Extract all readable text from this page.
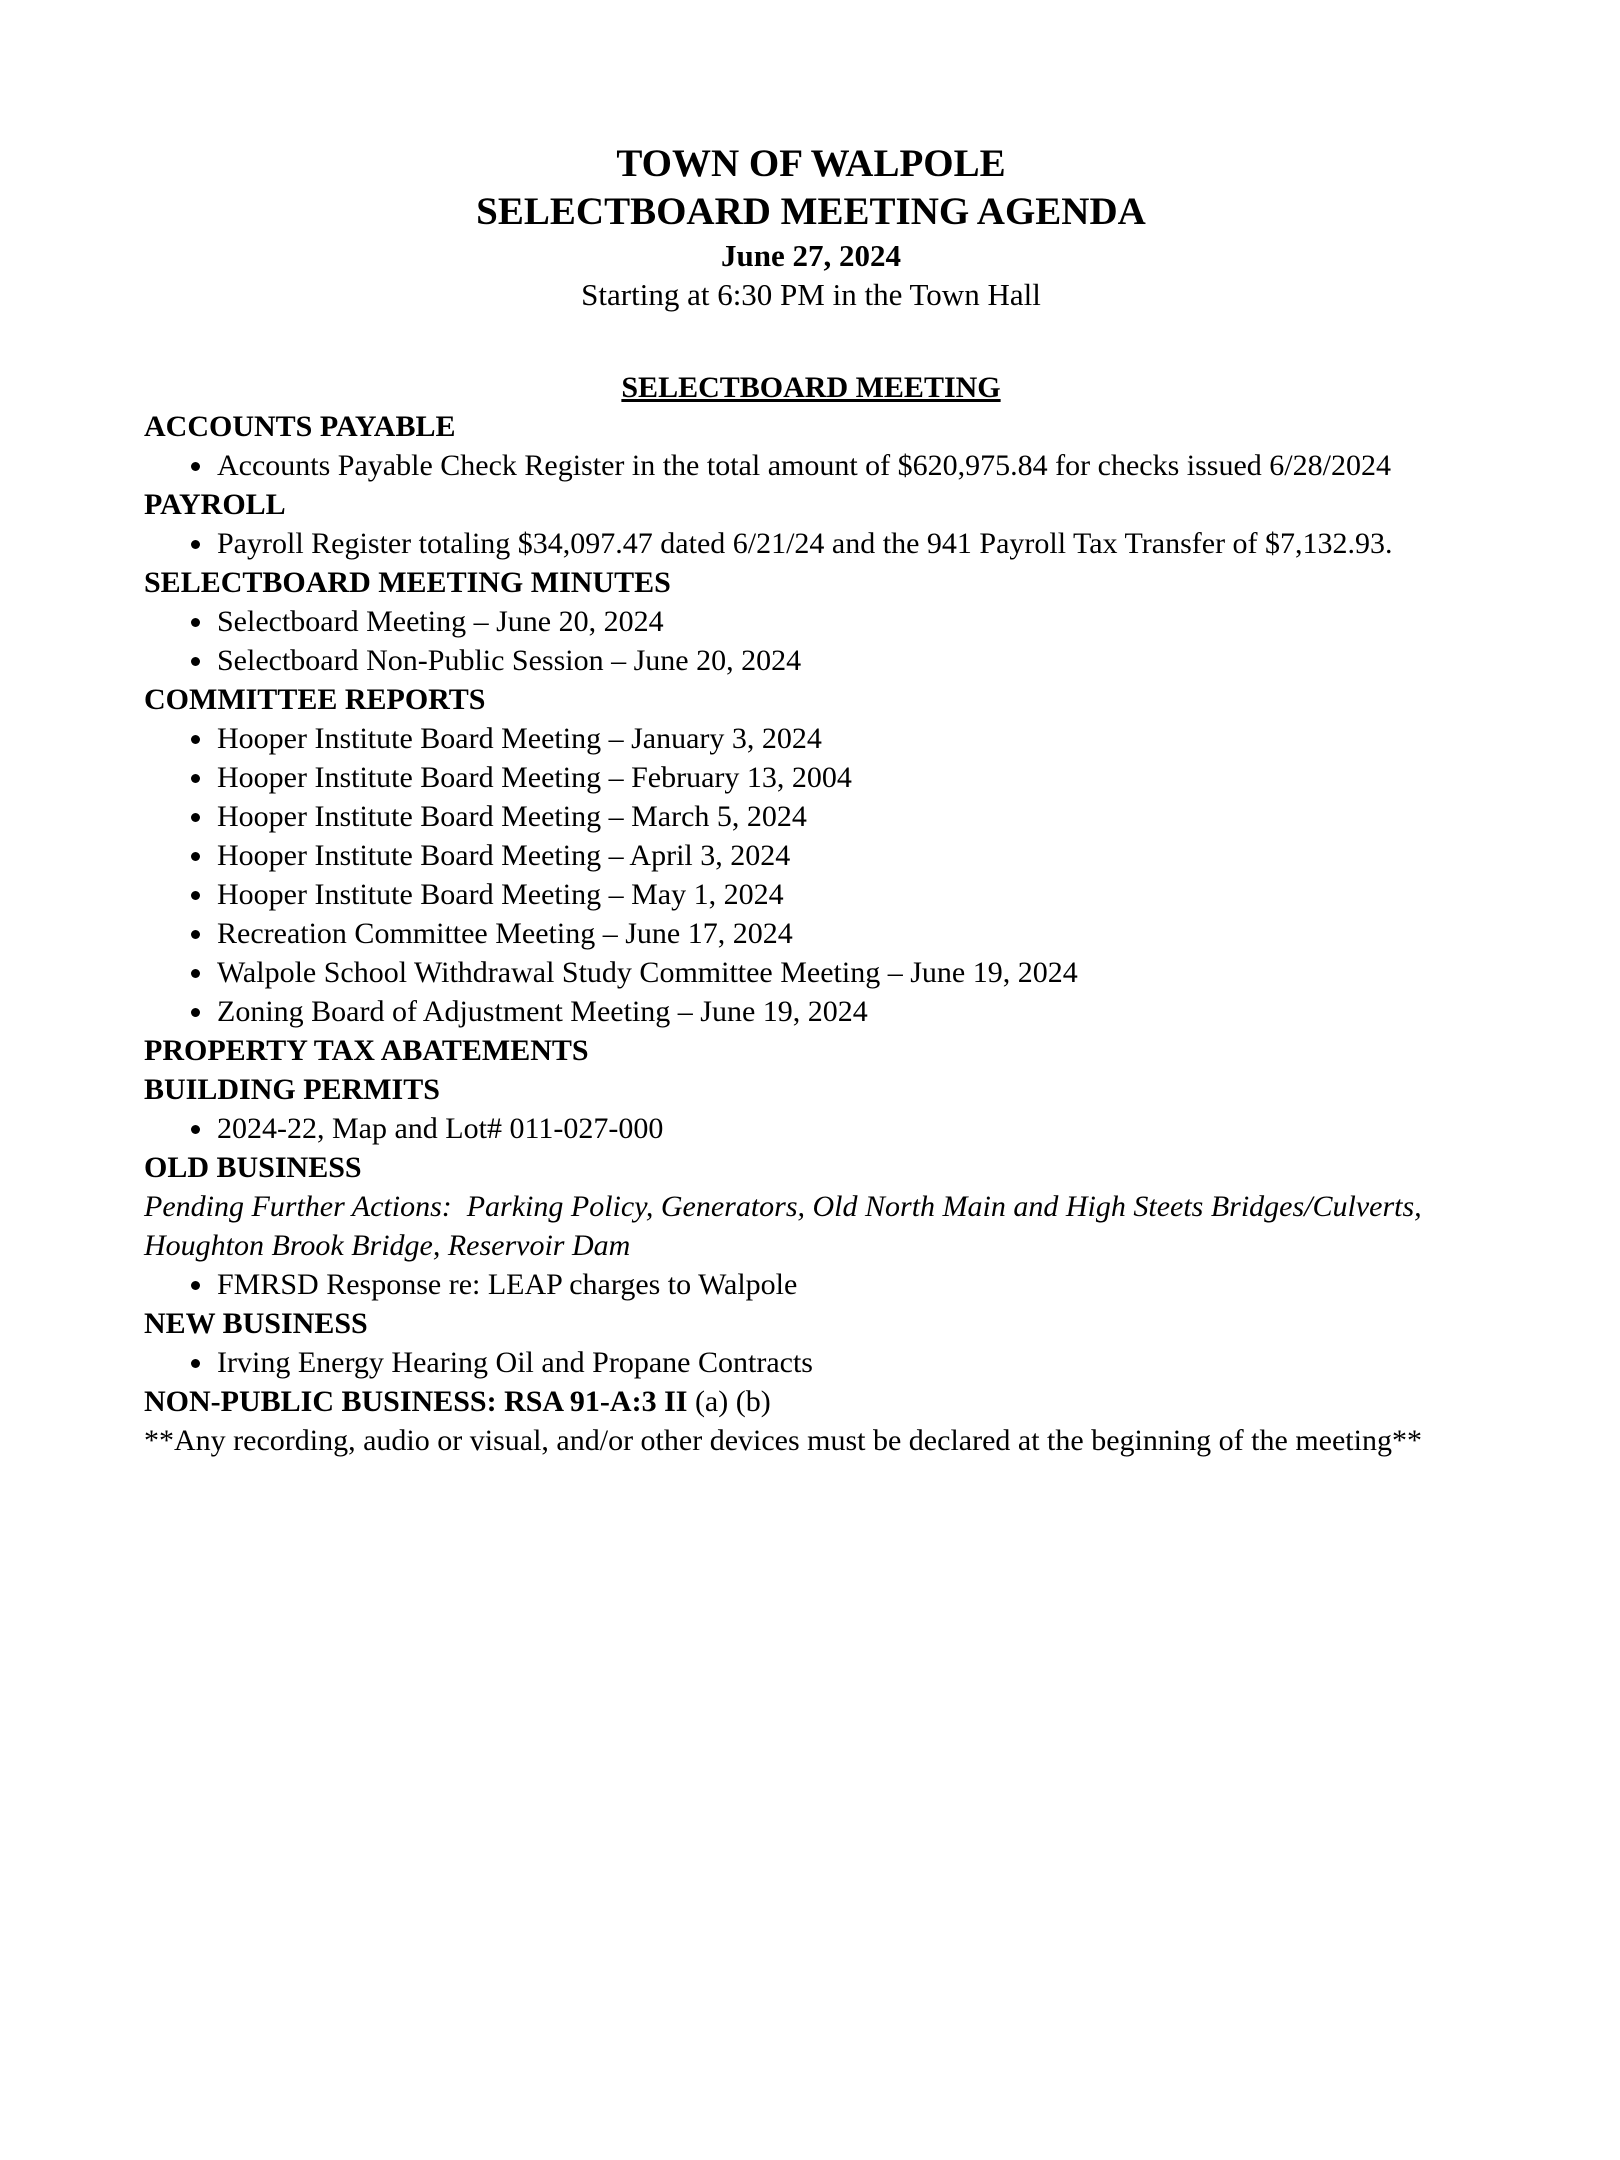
TOWN OF WALPOLE
SELECTBOARD MEETING AGENDA
June 27, 2024
Starting at 6:30 PM in the Town Hall
SELECTBOARD MEETING
ACCOUNTS PAYABLE
• Accounts Payable Check Register in the total amount of $620,975.84 for checks issued 6/28/2024
PAYROLL
• Payroll Register totaling $34,097.47 dated 6/21/24 and the 941 Payroll Tax Transfer of $7,132.93.
SELECTBOARD MEETING MINUTES
• Selectboard Meeting – June 20, 2024
• Selectboard Non-Public Session – June 20, 2024
COMMITTEE REPORTS
• Hooper Institute Board Meeting – January 3, 2024
• Hooper Institute Board Meeting – February 13, 2004
• Hooper Institute Board Meeting – March 5, 2024
• Hooper Institute Board Meeting – April 3, 2024
• Hooper Institute Board Meeting – May 1, 2024
• Recreation Committee Meeting – June 17, 2024
• Walpole School Withdrawal Study Committee Meeting – June 19, 2024
• Zoning Board of Adjustment Meeting – June 19, 2024
PROPERTY TAX ABATEMENTS
BUILDING PERMITS
• 2024-22, Map and Lot# 011-027-000
OLD BUSINESS
Pending Further Actions:  Parking Policy, Generators, Old North Main and High Steets Bridges/Culverts, Houghton Brook Bridge, Reservoir Dam
• FMRSD Response re: LEAP charges to Walpole
NEW BUSINESS
• Irving Energy Hearing Oil and Propane Contracts
NON-PUBLIC BUSINESS: RSA 91-A:3 II (a) (b)
**Any recording, audio or visual, and/or other devices must be declared at the beginning of the meeting**
